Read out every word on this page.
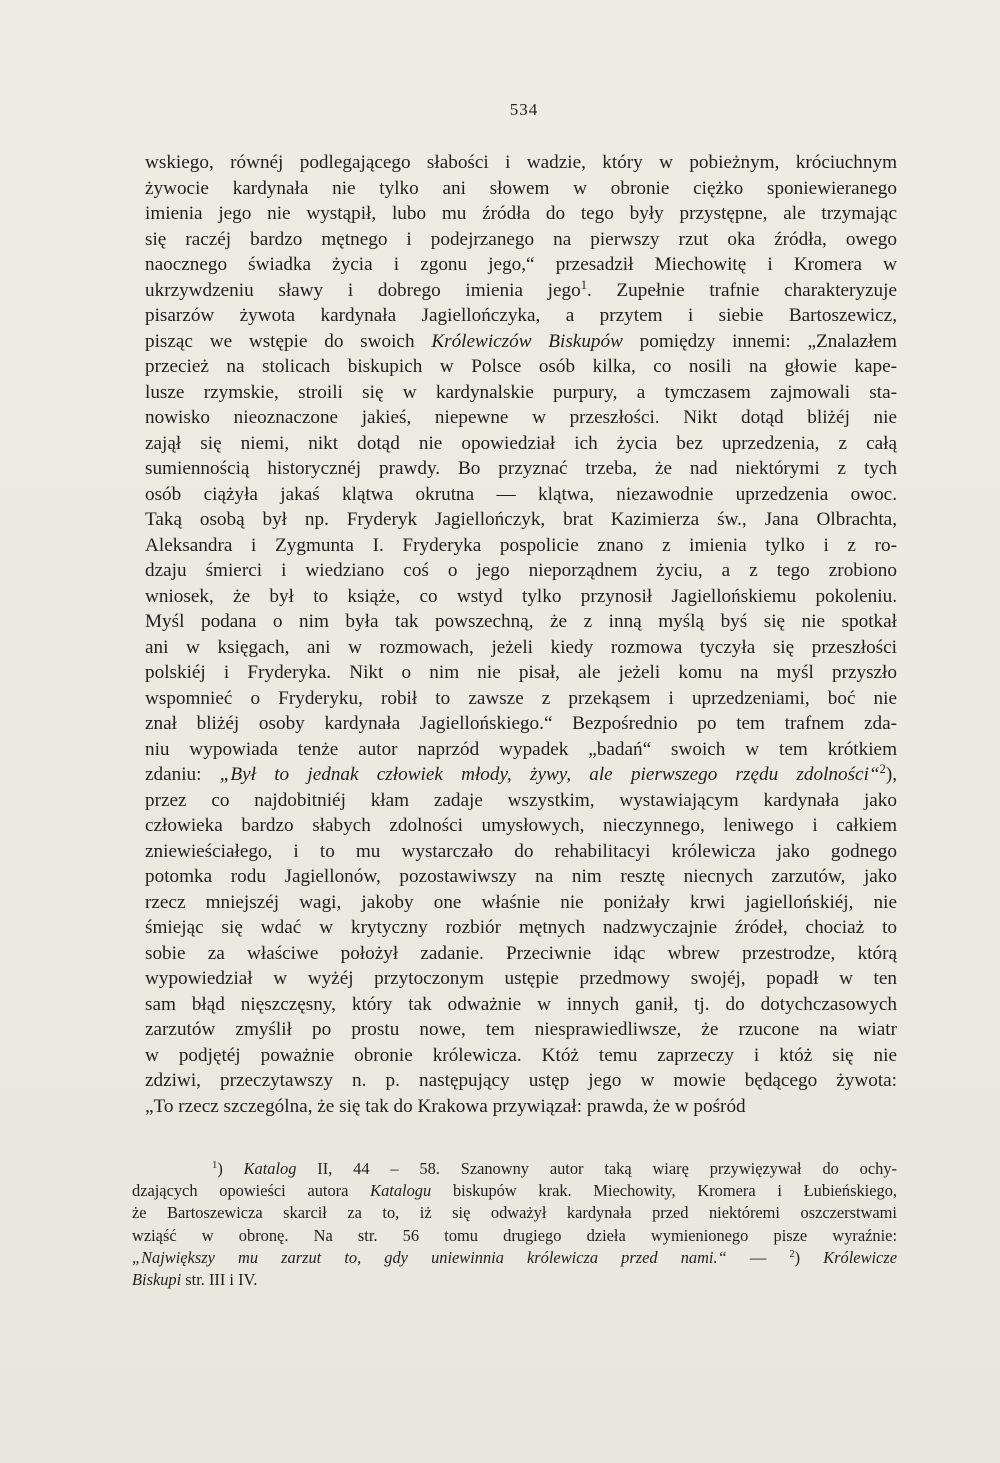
534
wskiego, równéj podlegającego słabości i wadzie, który w pobieżnym, króciuchnym
żywocie kardynała nie tylko ani słowem w obronie ciężko sponiewieranego
imienia jego nie wystąpił, lubo mu źródła do tego były przystępne, ale trzymając
się raczéj bardzo mętnego i podejrzanego na pierwszy rzut oka źródła, owego
naocznego świadka życia i zgonu jego,“ przesadził Miechowitę i Kromera w
ukrzywdzeniu sławy i dobrego imienia jego$^1$. Zupełnie trafnie charakteryzuje
pisarzów żywota kardynała Jagiellończyka, a przytem i siebie Bartoszewicz,
pisząc we wstępie do swoich Królewiczów Biskupów pomiędzy innemi: „Znalazłem
przecież na stolicach biskupich w Polsce osób kilka, co nosili na głowie kape-
lusze rzymskie, stroili się w kardynalskie purpury, a tymczasem zajmowali sta-
nowisko nieoznaczone jakieś, niepewne w przeszłości. Nikt dotąd bliżéj nie
zajął się niemi, nikt dotąd nie opowiedział ich życia bez uprzedzenia, z całą
sumiennością historycznéj prawdy. Bo przyznać trzeba, że nad niektórymi z tych
osób ciążyła jakaś klątwa okrutna — klątwa, niezawodnie uprzedzenia owoc.
Taką osobą był np. Fryderyk Jagiellończyk, brat Kazimierza św., Jana Olbrachta,
Aleksandra i Zygmunta I. Fryderyka pospolicie znano z imienia tylko i z ro-
dzaju śmierci i wiedziano coś o jego nieporządnem życiu, a z tego zrobiono
wniosek, że był to książe, co wstyd tylko przynosił Jagiellońskiemu pokoleniu.
Myśl podana o nim była tak powszechną, że z inną myślą byś się nie spotkał
ani w księgach, ani w rozmowach, jeżeli kiedy rozmowa tyczyła się przeszłości
polskiéj i Fryderyka. Nikt o nim nie pisał, ale jeżeli komu na myśl przyszło
wspomnieć o Fryderyku, robił to zawsze z przekąsem i uprzedzeniami, boć nie
znał bliżéj osoby kardynała Jagiellońskiego.“ Bezpośrednio po tem trafnem zda-
niu wypowiada tenże autor naprzód wypadek „badań“ swoich w tem krótkiem
zdaniu: „Był to jednak człowiek młody, żywy, ale pierwszego rzędu zdolności“$^2$),
przez co najdobitniéj kłam zadaje wszystkim, wystawiającym kardynała jako
człowieka bardzo słabych zdolności umysłowych, nieczynnego, leniwego i całkiem
zniewieściałego, i to mu wystarczało do rehabilitacyi królewicza jako godnego
potomka rodu Jagiellonów, pozostawiwszy na nim resztę niecnych zarzutów, jako
rzecz mniejszéj wagi, jakoby one właśnie nie poniżały krwi jagiellońskiéj, nie
śmiejąc się wdać w krytyczny rozbiór mętnych nadzwyczajnie źródeł, chociaż to
sobie za właściwe położył zadanie. Przeciwnie idąc wbrew przestrodze, którą
wypowiedział w wyżéj przytoczonym ustępie przedmowy swojéj, popadł w ten
sam błąd nięszczęsny, który tak odważnie w innych ganił, tj. do dotychczasowych
zarzutów zmyślił po prostu nowe, tem niesprawiedliwsze, że rzucone na wiatr
w podjętéj poważnie obronie królewicza. Któż temu zaprzeczy i któż się nie
zdziwi, przeczytawszy n. p. następujący ustęp jego w mowie będącego żywota:
„To rzecz szczególna, że się tak do Krakowa przywiązał: prawda, że w pośród
$^1$) Katalog II, 44 – 58. Szanowny autor taką wiarę przywięzywał do ochy-
dzających opowieści autora Katalogu biskupów krak. Miechowity, Kromera i Łubieńskiego,
że Bartoszewicza skarcił za to, iż się odważył kardynała przed niektóremi oszczerstwami
wziąść w obronę. Na str. 56 tomu drugiego dzieła wymienionego pisze wyraźnie:
„Największy mu zarzut to, gdy uniewinnia królewicza przed nami.“ — $^2$) Królewicze
Biskupi str. III i IV.
